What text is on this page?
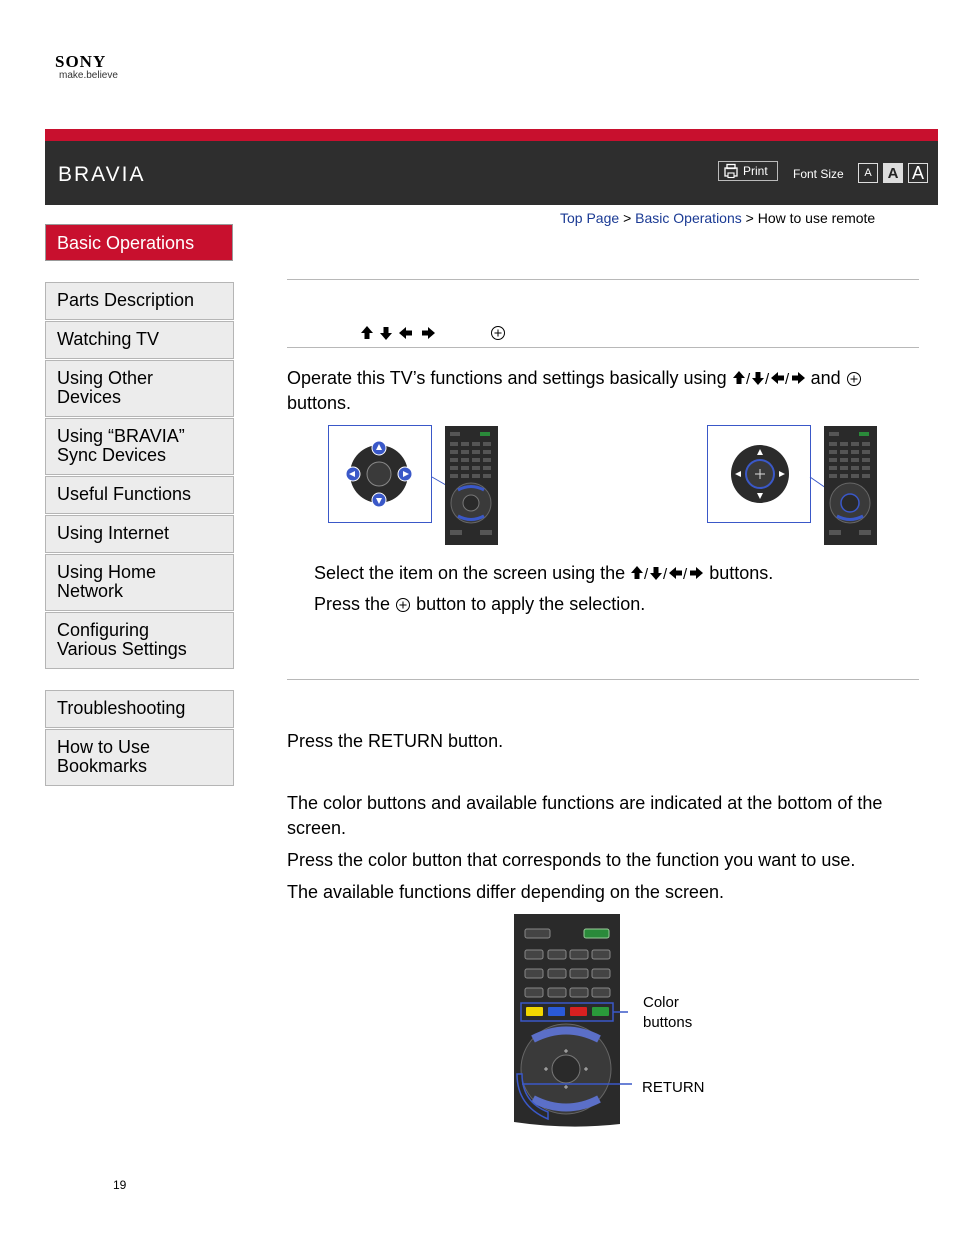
SONY
make.believe
BRAVIA	Print Font Size	A	A A
Top Page > Basic Operations > How to use remote
Basic Operations
Parts Description
Watching TV
Using Other
Devices
Using “BRAVIA”
Sync Devices
Useful Functions
Using Internet
Using Home
Network
Configuring
Various Settings
Troubleshooting
How to Use
Bookmarks
Operate this TV’s functions and settings basically using / / / and
buttons.
Select the item on the screen using the / / / buttons.
Press the button to apply the selection.
Press the RETURN button.
The color buttons and available functions are indicated at the bottom of the screen.
Press the color button that corresponds to the function you want to use.
The available functions differ depending on the screen.
Color
buttons
RETURN
19
